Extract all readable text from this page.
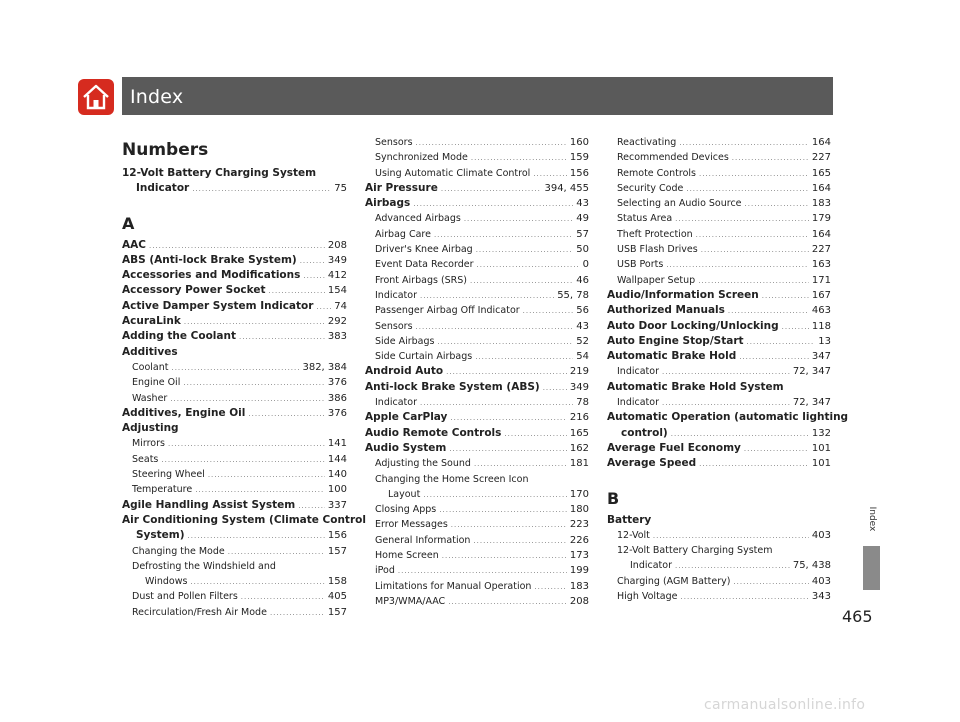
Index
Index
Numbers
12-Volt Battery Charging System
Indicator .....	75
A
AAC .....	208
ABS (Anti-lock Brake System) .....	349
Accessories and Modifications .....	412
Accessory Power Socket .....	154
Active Damper System Indicator ..... 74
AcuraLink .....	292
Adding the Coolant .....	383
Additives
Coolant .....	382, 384
Engine Oil .....	376
Washer .....	386
Additives, Engine Oil .....	376
Adjusting
Mirrors .....	141
Seats .....	144
Steering Wheel .....	140
Temperature .....	100
Agile Handling Assist System .....	337
Air Conditioning System (Climate Control
System) .....	156
Changing the Mode .....	157
Defrosting the Windshield and
Windows .....	158
Dust and Pollen Filters .....	405
Recirculation/Fresh Air Mode .....	157
Sensors .....	160
Synchronized Mode .....	159
Using Automatic Climate Control .....	156
Air Pressure .....	394, 455
Airbags .....	43
Advanced Airbags .....	49
Airbag Care .....	57
Driver's Knee Airbag .....	50
Event Data Recorder .....	0
Front Airbags (SRS) .....	46
Indicator .....	55, 78
Passenger Airbag Off Indicator .....	56
Sensors .....	43
Side Airbags .....	52
Side Curtain Airbags .....	54
Android Auto .....	219
Anti-lock Brake System (ABS) .....	349
Indicator .....	78
Apple CarPlay .....	216
Audio Remote Controls .....	165
Audio System .....	162
Adjusting the Sound .....	181
Changing the Home Screen Icon
Layout .....	170
Closing Apps .....	180
Error Messages .....	223
General Information .....	226
Home Screen .....	173
iPod .....	199
Limitations for Manual Operation .....	183
MP3/WMA/AAC .....	208
Reactivating .....	164
Recommended Devices .....	227
Remote Controls .....	165
Security Code .....	164
Selecting an Audio Source .....	183
Status Area .....	179
Theft Protection .....	164
USB Flash Drives .....	227
USB Ports .....	163
Wallpaper Setup .....	171
Audio/Information Screen .....	167
Authorized Manuals .....	463
Auto Door Locking/Unlocking .....	118
Auto Engine Stop/Start .....	13
Automatic Brake Hold .....	347
Indicator .....	72, 347
Automatic Brake Hold System
Indicator .....	72, 347
Automatic Operation (automatic lighting
control) .....	132
Average Fuel Economy .....	101
Average Speed .....	101
B
Battery
12-Volt .....	403
12-Volt Battery Charging System
Indicator .....	75, 438
Charging (AGM Battery) .....	403
High Voltage .....	343
465
carmanualsonline.info
